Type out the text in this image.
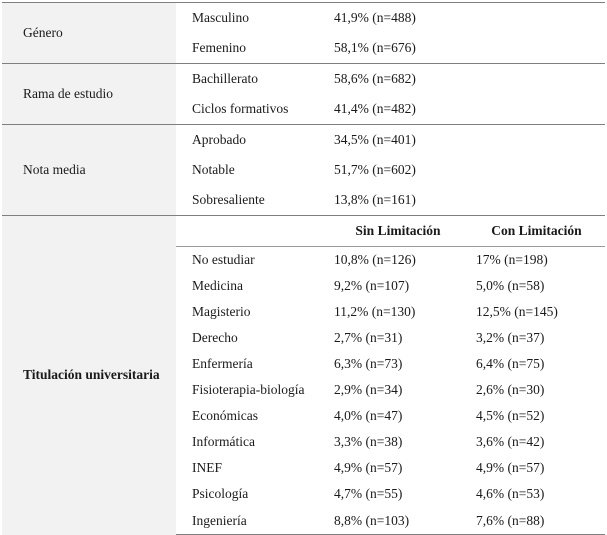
Género	Masculino	41,9% (n=488)	
	Femenino	58,1% (n=676)	
Rama de estudio	Bachillerato	58,6% (n=682)	
	Ciclos formativos	41,4% (n=482)	
Nota media	Aprobado	34,5% (n=401)	
	Notable	51,7% (n=602)	
	Sobresaliente	13,8% (n=161)	
Titulación universitaria		Sin Limitación	Con Limitación
	No estudiar	10,8% (n=126)	17% (n=198)
	Medicina	9,2% (n=107)	5,0% (n=58)
	Magisterio	11,2% (n=130)	12,5% (n=145)
	Derecho	2,7% (n=31)	3,2% (n=37)
	Enfermería	6,3% (n=73)	6,4% (n=75)
	Fisioterapia-biología	2,9% (n=34)	2,6% (n=30)
	Económicas	4,0% (n=47)	4,5% (n=52)
	Informática	3,3% (n=38)	3,6% (n=42)
	INEF	4,9% (n=57)	4,9% (n=57)
	Psicología	4,7% (n=55)	4,6% (n=53)
	Ingeniería	8,8% (n=103)	7,6% (n=88)
